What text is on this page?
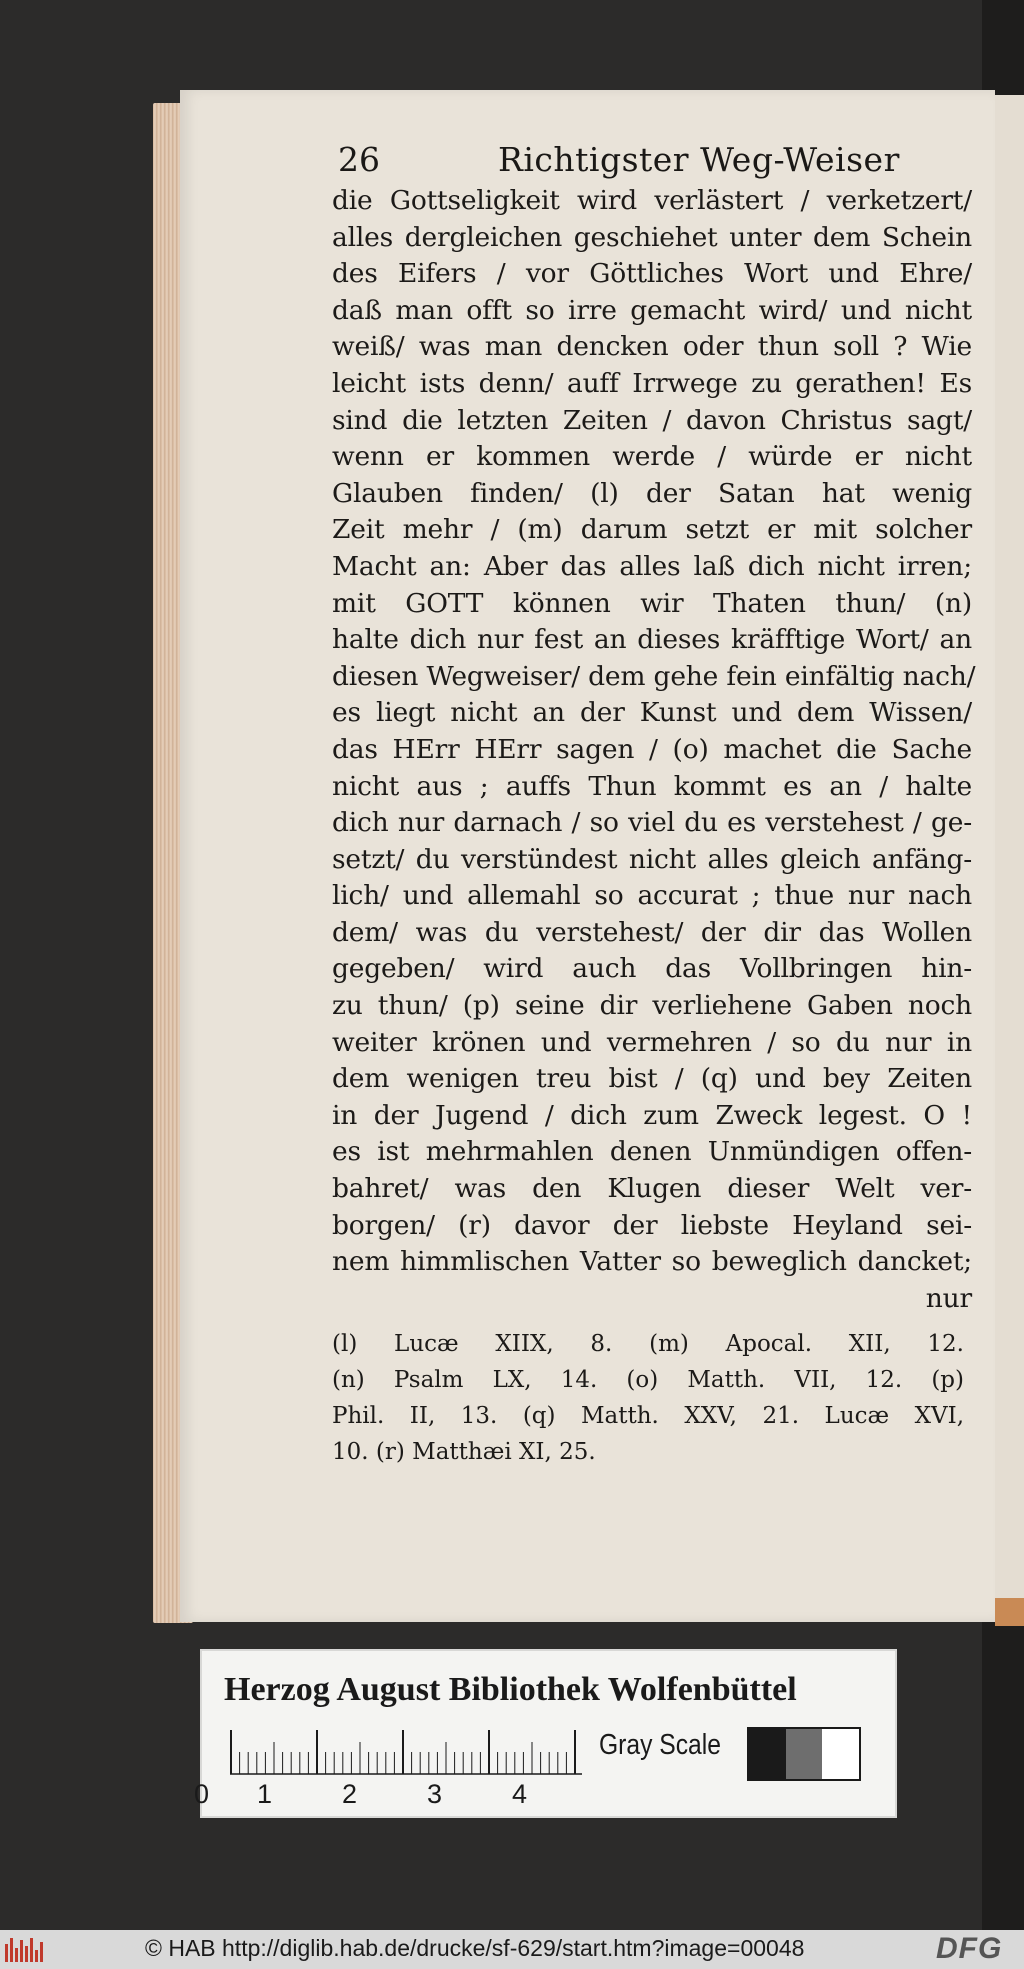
26	Richtigster Weg-Weiser
die Gottseligkeit wird verlästert / verketzert/
alles dergleichen geschiehet unter dem Schein
des Eifers / vor Göttliches Wort und Ehre/
daß man offt so irre gemacht wird/ und nicht
weiß/ was man dencken oder thun soll ? Wie
leicht ists denn/ auff Irrwege zu gerathen! Es
sind die letzten Zeiten / davon Christus sagt/
wenn er kommen werde / würde er nicht
Glauben finden/ (l) der Satan hat wenig
Zeit mehr / (m) darum setzt er mit solcher
Macht an: Aber das alles laß dich nicht irren;
mit GOTT können wir Thaten thun/ (n)
halte dich nur fest an dieses kräfftige Wort/ an
diesen Wegweiser/ dem gehe fein einfältig nach/
es liegt nicht an der Kunst und dem Wissen/
das HErr HErr sagen / (o) machet die Sache
nicht aus ; auffs Thun kommt es an / halte
dich nur darnach / so viel du es verstehest / ge-
setzt/ du verstündest nicht alles gleich anfäng-
lich/ und allemahl so accurat ; thue nur nach
dem/ was du verstehest/ der dir das Wollen
gegeben/ wird auch das Vollbringen hin-
zu thun/ (p) seine dir verliehene Gaben noch
weiter krönen und vermehren / so du nur in
dem wenigen treu bist / (q) und bey Zeiten
in der Jugend / dich zum Zweck legest. O !
es ist mehrmahlen denen Unmündigen offen-
bahret/ was den Klugen dieser Welt ver-
borgen/ (r) davor der liebste Heyland sei-
nem himmlischen Vatter so beweglich dancket;
nur
(l) Lucæ XIIX, 8. (m) Apocal. XII, 12.
(n) Psalm LX, 14. (o) Matth. VII, 12. (p)
Phil. II, 13. (q) Matth. XXV, 21. Lucæ XVI,
10. (r) Matthæi XI, 25.
Herzog August Bibliothek Wolfenbüttel
0 1	2	3	4
Gray Scale
© HAB http://diglib.hab.de/drucke/sf-629/start.htm?image=00048	DFG
